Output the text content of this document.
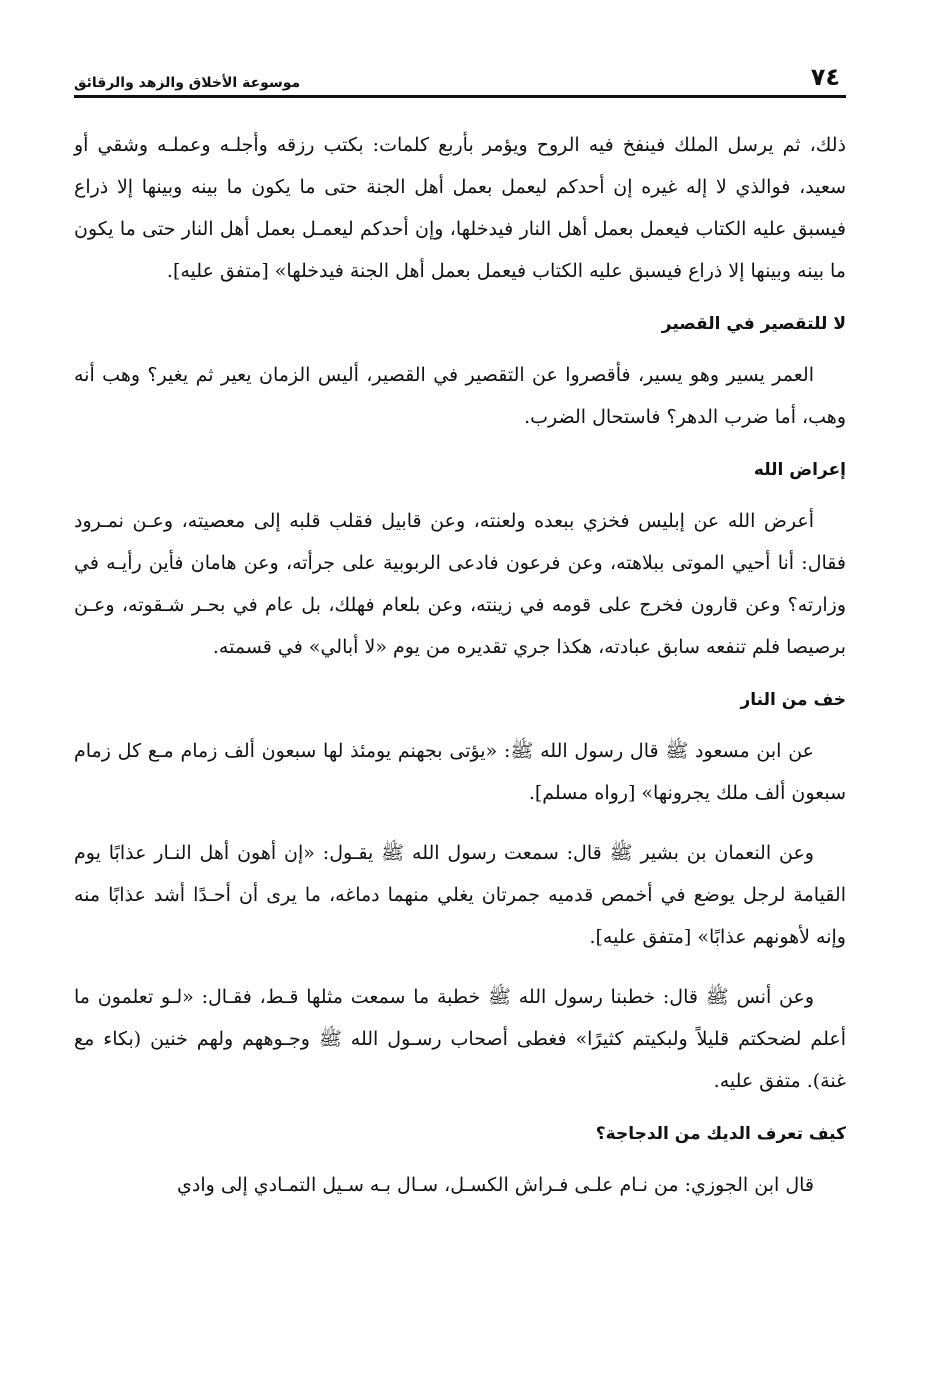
٧٤
موسوعة الأخلاق والزهد والرقائق

ذلك، ثم يرسل الملك فينفخ فيه الروح ويؤمر بأربع كلمات: بكتب رزقه وأجلـه وعملـه وشقي أو سعيد، فوالذي لا إله غيره إن أحدكم ليعمل بعمل أهل الجنة حتى ما يكون ما بينه وبينها إلا ذراع فيسبق عليه الكتاب فيعمل بعمل أهل النار فيدخلها، وإن أحدكم ليعمـل بعمل أهل النار حتى ما يكون ما بينه وبينها إلا ذراع فيسبق عليه الكتاب فيعمل بعمل أهل الجنة فيدخلها» [متفق عليه].

لا للتقصير في القصير

العمر يسير وهو يسير، فأقصروا عن التقصير في القصير، أليس الزمان يعير ثم يغير؟ وهب أنه وهب، أما ضرب الدهر؟ فاستحال الضرب.

إعراض الله

أعرض الله عن إبليس فخزي ببعده ولعنته، وعن قابيل فقلب قلبه إلى معصيته، وعـن نمـرود فقال: أنا أحيي الموتى ببلاهته، وعن فرعون فادعى الربوبية على جرأته، وعن هامان فأين رأيـه في وزارته؟ وعن قارون فخرج على قومه في زينته، وعن بلعام فهلك، بل عام في بحـر شـقوته، وعـن برصيصا فلم تنفعه سابق عبادته، هكذا جري تقديره من يوم «لا أبالي» في قسمته.

خف من النار

عن ابن مسعود ﷺ قال رسول الله ﷺ: «يؤتى بجهنم يومئذ لها سبعون ألف زمام مـع كل زمام سبعون ألف ملك يجرونها» [رواه مسلم].

وعن النعمان بن بشير ﷺ قال: سمعت رسول الله ﷺ يقـول: «إن أهون أهل النـار عذابًا يوم القيامة لرجل يوضع في أخمص قدميه جمرتان يغلي منهما دماغه، ما يرى أن أحـدًا أشد عذابًا منه وإنه لأهونهم عذابًا» [متفق عليه].

وعن أنس ﷺ قال: خطبنا رسول الله ﷺ خطبة ما سمعت مثلها قـط، فقـال: «لـو تعلمون ما أعلم لضحكتم قليلاً ولبكيتم كثيرًا» فغطى أصحاب رسـول الله ﷺ وجـوههم ولهم خنين (بكاء مع غنة). متفق عليه.

كيف تعرف الديك من الدجاجة؟

قال ابن الجوزي: من نـام علـى فـراش الكسـل، سـال بـه سـيل التمـادي إلى وادي
